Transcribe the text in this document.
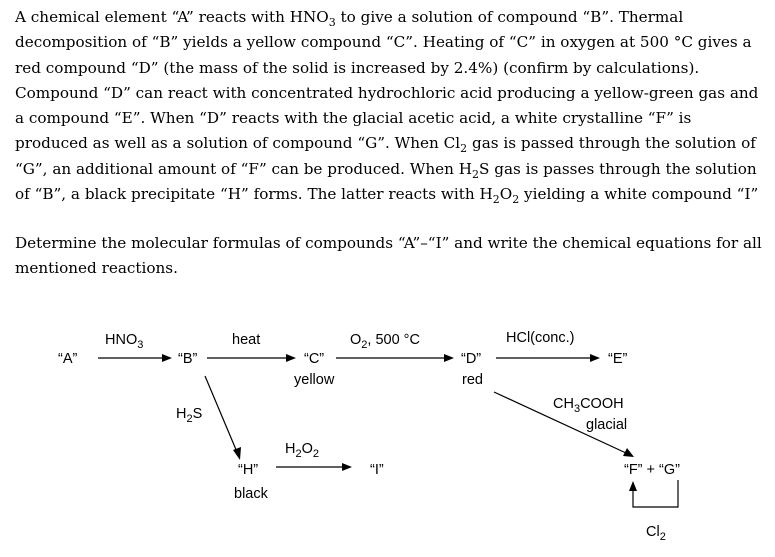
A chemical element “A” reacts with $HNO_3$ to give a solution of compound “B”. Thermal decomposition of “B” yields a yellow compound “C”. Heating of “C” in oxygen at 500 °C gives a red compound “D” (the mass of the solid is increased by 2.4%) (confirm by calculations). Compound “D” can react with concentrated hydrochloric acid producing a yellow-green gas and a compound “E”. When “D” reacts with the glacial acetic acid, a white crystalline “F” is produced as well as a solution of compound “G”. When $Cl_2$ gas is passed through the solution of “G”, an additional amount of “F” can be produced. When $H_2S$ gas is passes through the solution of “B”, a black precipitate “H” forms. The latter reacts with $H_2O_2$ yielding a white compound “I”

Determine the molecular formulas of compounds “A”–“I” and write the chemical equations for all mentioned reactions.

“A”	“B”	“C”	“D”	“E”
yellow	red
$HNO_3$	heat	$O_2$, 500 °C	HCl(conc.)
$H_2S$
“H”
black
$H_2O_2$
“I”
$CH_3COOH$
glacial
“F” + “G”
$Cl_2$
